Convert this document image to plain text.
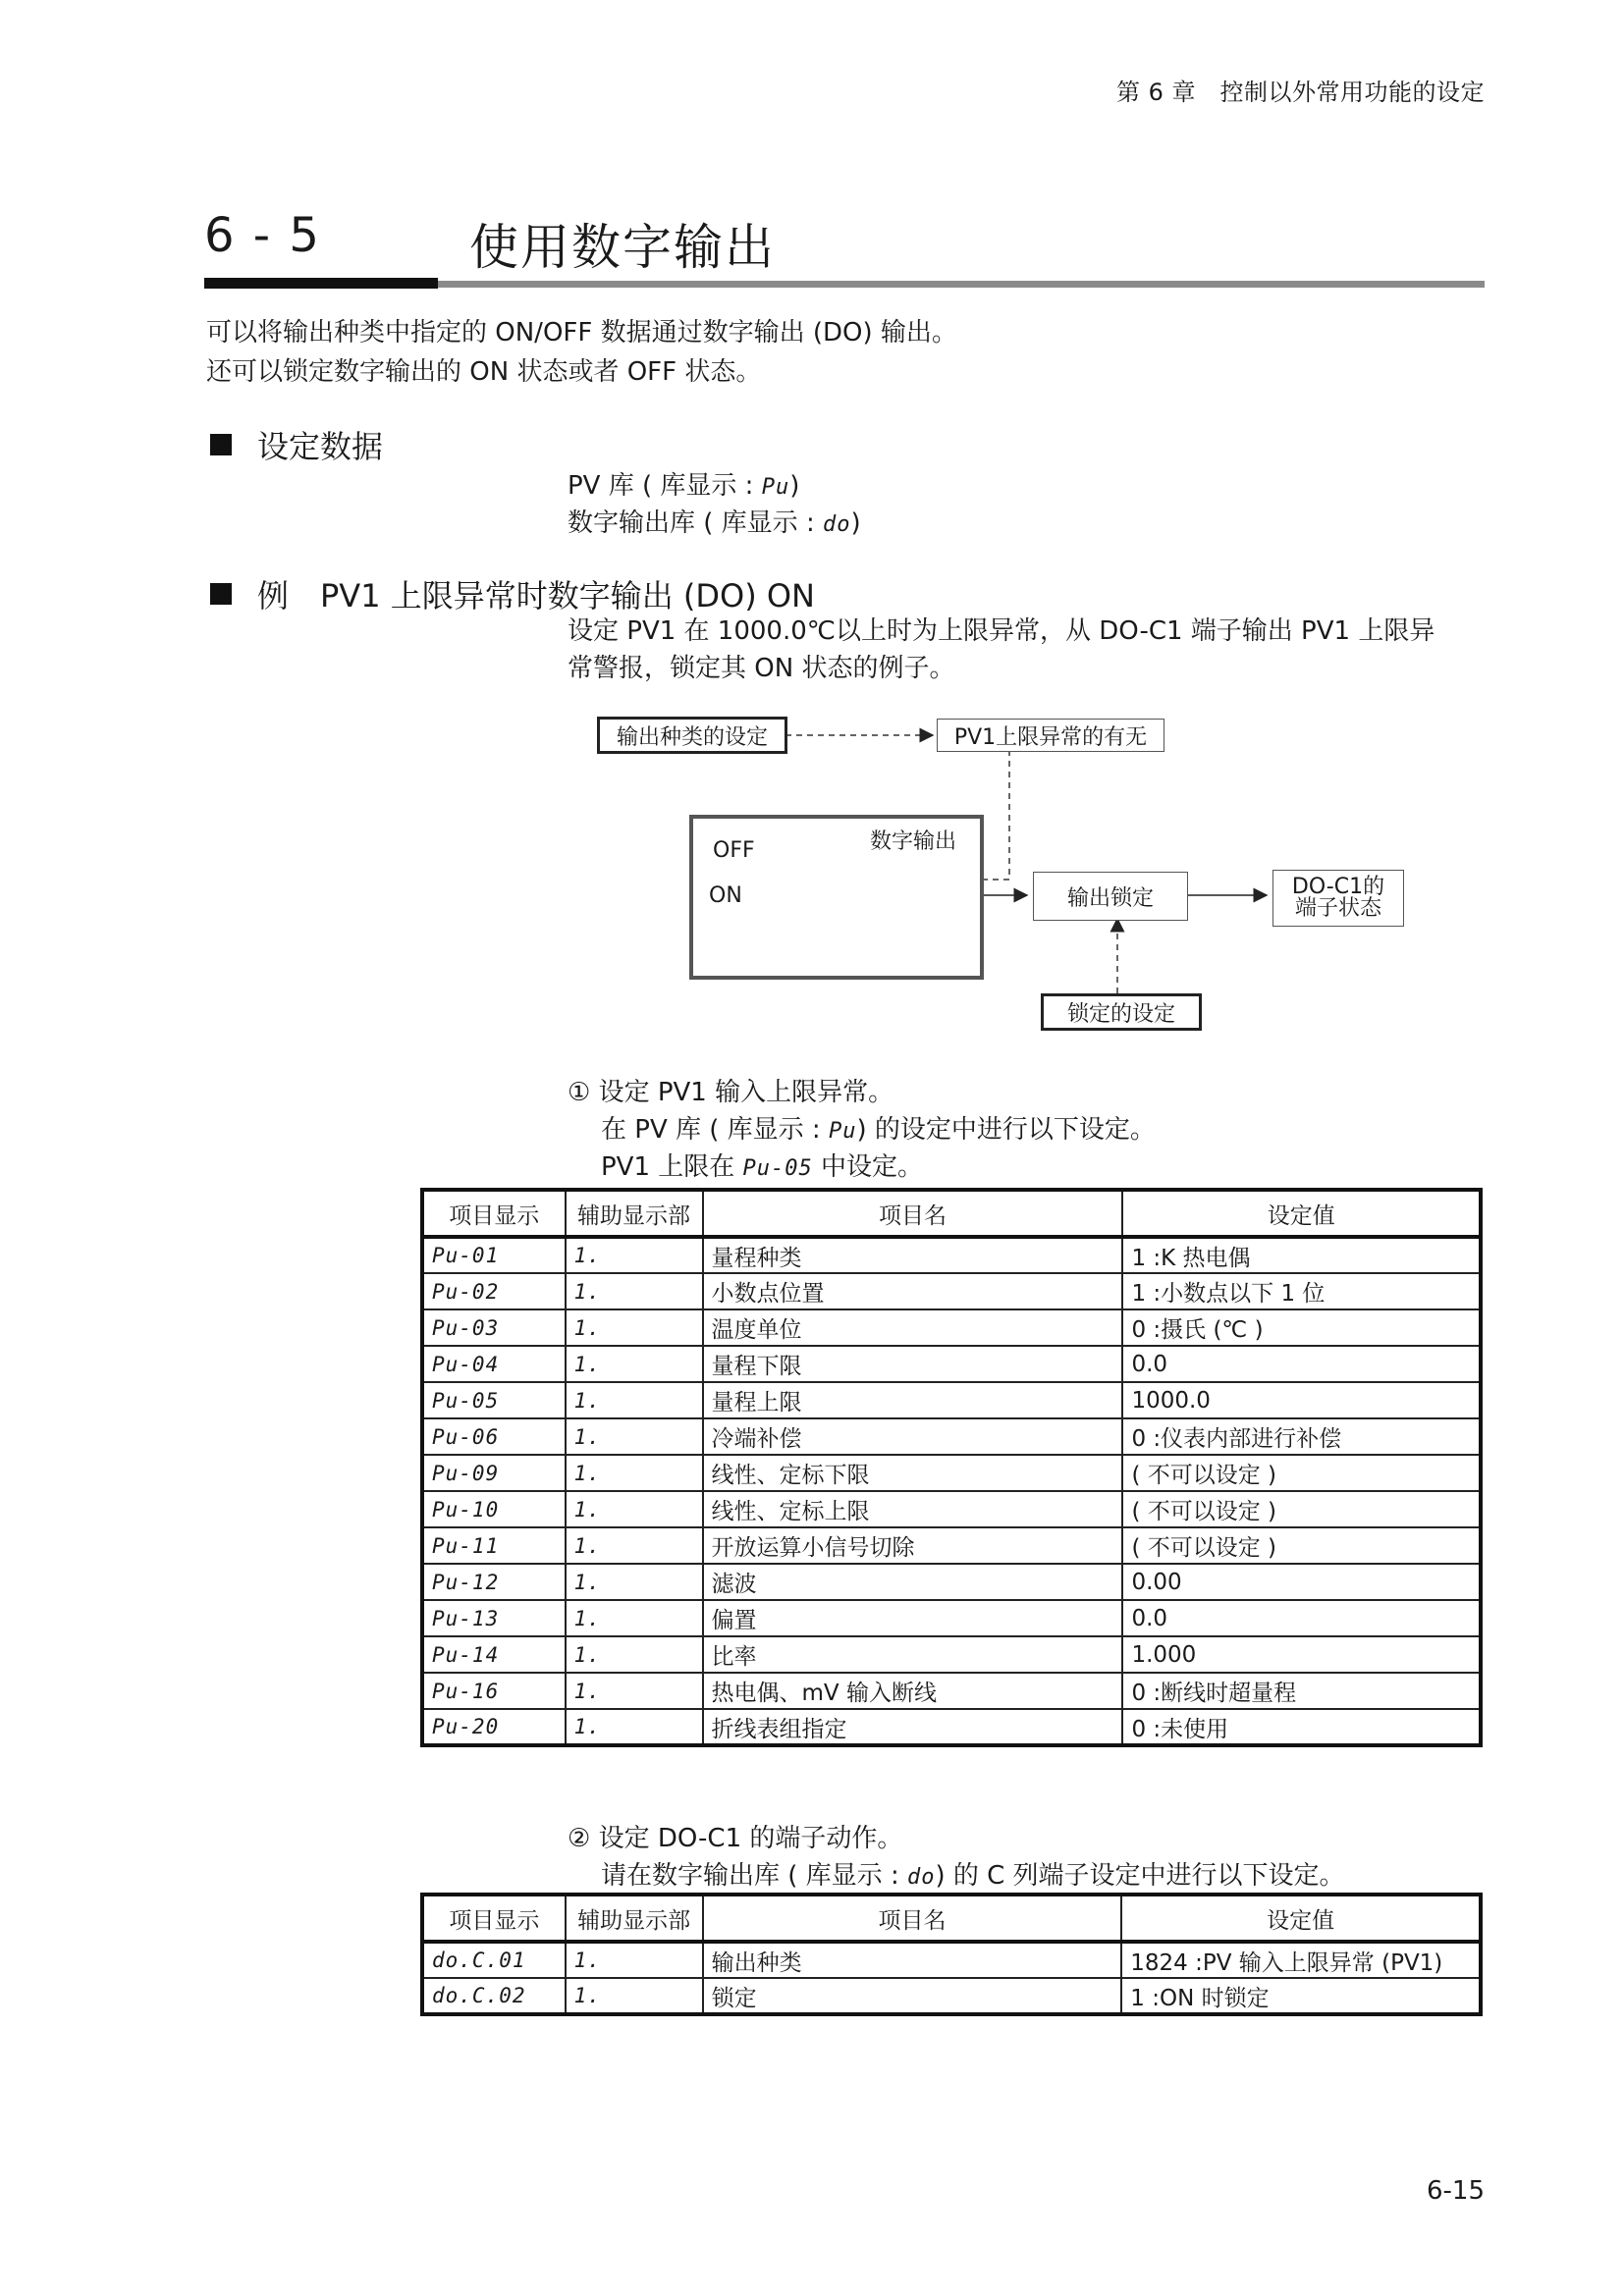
第 6 章　控制以外常用功能的设定
6 - 5	使用数字输出
可以将输出种类中指定的 ON/OFF 数据通过数字输出 (DO) 输出。
还可以锁定数字输出的 ON 状态或者 OFF 状态。
设定数据
PV 库 ( 库显示 : Pu)
数字输出库 ( 库显示 : do)
例　PV1 上限异常时数字输出 (DO) ON
设定 PV1 在 1000.0℃以上时为上限异常，从 DO-C1 端子输出 PV1 上限异
常警报，锁定其 ON 状态的例子。
输出种类的设定	PV1上限异常的有无
数字输出
OFF
ON	输出锁定	DO-C1的
端子状态
锁定的设定
① 设定 PV1 输入上限异常。
在 PV 库 ( 库显示 : Pu) 的设定中进行以下设定。
PV1 上限在 Pu-05 中设定。
项目显示	辅助显示部	项目名	设定值
Pu-01	1.	量程种类	1 :K 热电偶
Pu-02	1.	小数点位置	1 :小数点以下 1 位
Pu-03	1.	温度单位	0 :摄氏 (℃ )
Pu-04	1.	量程下限	0.0
Pu-05	1.	量程上限	1000.0
Pu-06	1.	冷端补偿	0 :仪表内部进行补偿
Pu-09	1.	线性、定标下限	( 不可以设定 )
Pu-10	1.	线性、定标上限	( 不可以设定 )
Pu-11	1.	开放运算小信号切除	( 不可以设定 )
Pu-12	1.	滤波	0.00
Pu-13	1.	偏置	0.0
Pu-14	1.	比率	1.000
Pu-16	1.	热电偶、mV 输入断线	0 :断线时超量程
Pu-20	1.	折线表组指定	0 :未使用
② 设定 DO-C1 的端子动作。
请在数字输出库 ( 库显示 : do) 的 C 列端子设定中进行以下设定。
项目显示	辅助显示部	项目名	设定值
do.C.01	1.	输出种类	1824 :PV 输入上限异常 (PV1)
do.C.02	1.	锁定	1 :ON 时锁定
6-15
